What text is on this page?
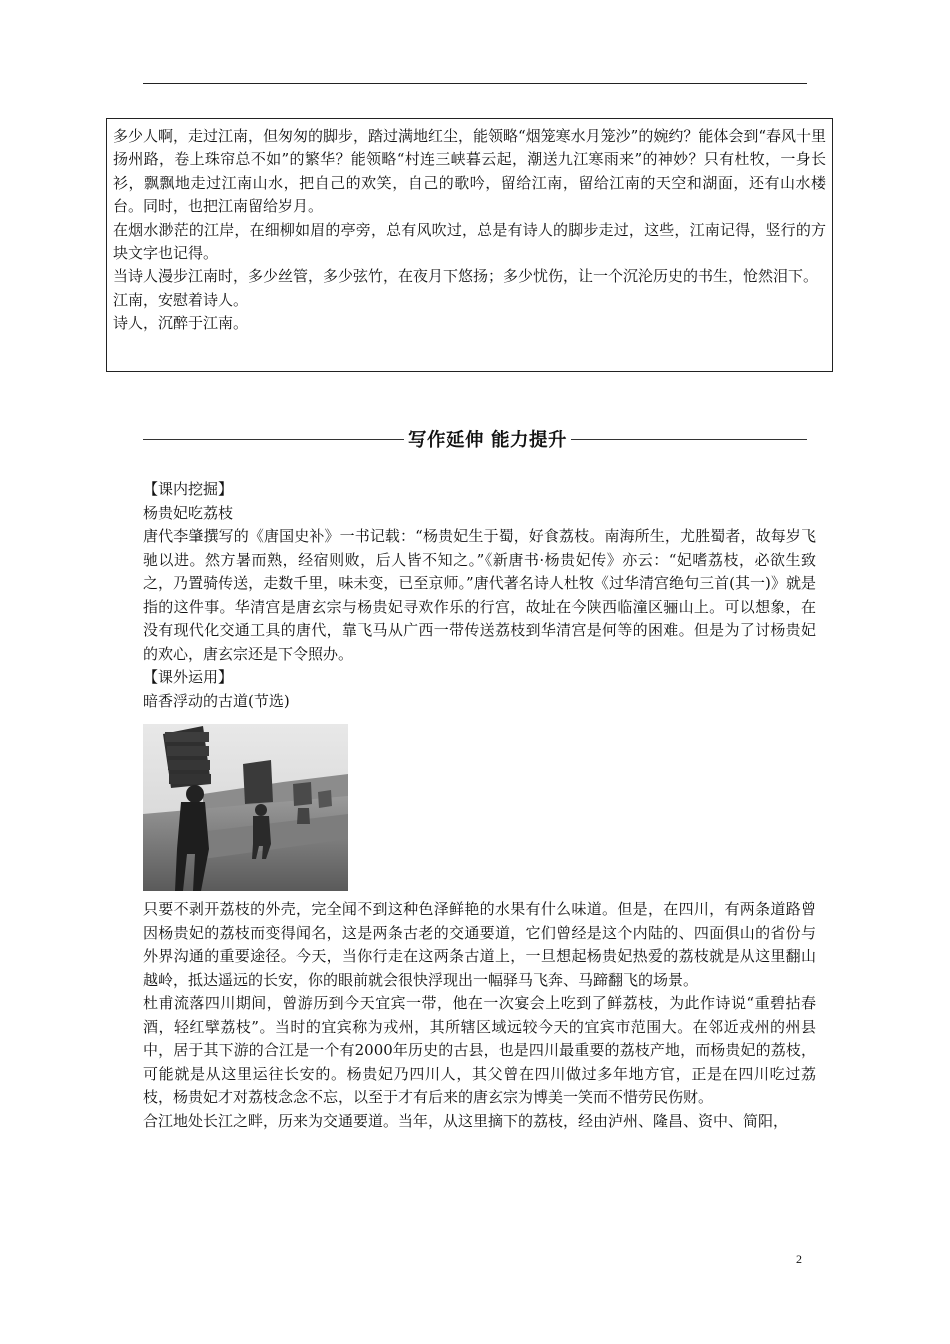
多少人啊，走过江南，但匆匆的脚步，踏过满地红尘，能领略“烟笼寒水月笼沙”的婉约？能体会到“春风十里扬州路，卷上珠帘总不如”的繁华？能领略“村连三峡暮云起，潮送九江寒雨来”的神妙？只有杜牧，一身长衫，飘飘地走过江南山水，把自己的欢笑，自己的歌吟，留给江南，留给江南的天空和湖面，还有山水楼台。同时，也把江南留给岁月。

在烟水渺茫的江岸，在细柳如眉的亭旁，总有风吹过，总是有诗人的脚步走过，这些，江南记得，竖行的方块文字也记得。

当诗人漫步江南时，多少丝管，多少弦竹，在夜月下悠扬；多少忧伤，让一个沉沦历史的书生，怆然泪下。

江南，安慰着诗人。

诗人，沉醉于江南。

写作延伸 能力提升

【课内挖掘】

杨贵妃吃荔枝

唐代李肇撰写的《唐国史补》一书记载：“杨贵妃生于蜀，好食荔枝。南海所生，尤胜蜀者，故每岁飞驰以进。然方暑而熟，经宿则败，后人皆不知之。”《新唐书·杨贵妃传》亦云：“妃嗜荔枝，必欲生致之，乃置骑传送，走数千里，味未变，已至京师。”唐代著名诗人杜牧《过华清宫绝句三首(其一)》就是指的这件事。华清宫是唐玄宗与杨贵妃寻欢作乐的行宫，故址在今陕西临潼区骊山上。可以想象，在没有现代化交通工具的唐代，靠飞马从广西一带传送荔枝到华清宫是何等的困难。但是为了讨杨贵妃的欢心，唐玄宗还是下令照办。

【课外运用】

暗香浮动的古道(节选)

只要不剥开荔枝的外壳，完全闻不到这种色泽鲜艳的水果有什么味道。但是，在四川，有两条道路曾因杨贵妃的荔枝而变得闻名，这是两条古老的交通要道，它们曾经是这个内陆的、四面俱山的省份与外界沟通的重要途径。今天，当你行走在这两条古道上，一旦想起杨贵妃热爱的荔枝就是从这里翻山越岭，抵达遥远的长安，你的眼前就会很快浮现出一幅驿马飞奔、马蹄翻飞的场景。

杜甫流落四川期间，曾游历到今天宜宾一带，他在一次宴会上吃到了鲜荔枝，为此作诗说“重碧拈春酒，轻红擘荔枝”。当时的宜宾称为戎州，其所辖区域远较今天的宜宾市范围大。在邻近戎州的州县中，居于其下游的合江是一个有2000年历史的古县，也是四川最重要的荔枝产地，而杨贵妃的荔枝，可能就是从这里运往长安的。杨贵妃乃四川人，其父曾在四川做过多年地方官，正是在四川吃过荔枝，杨贵妃才对荔枝念念不忘，以至于才有后来的唐玄宗为博美一笑而不惜劳民伤财。

合江地处长江之畔，历来为交通要道。当年，从这里摘下的荔枝，经由泸州、隆昌、资中、简阳，

2
